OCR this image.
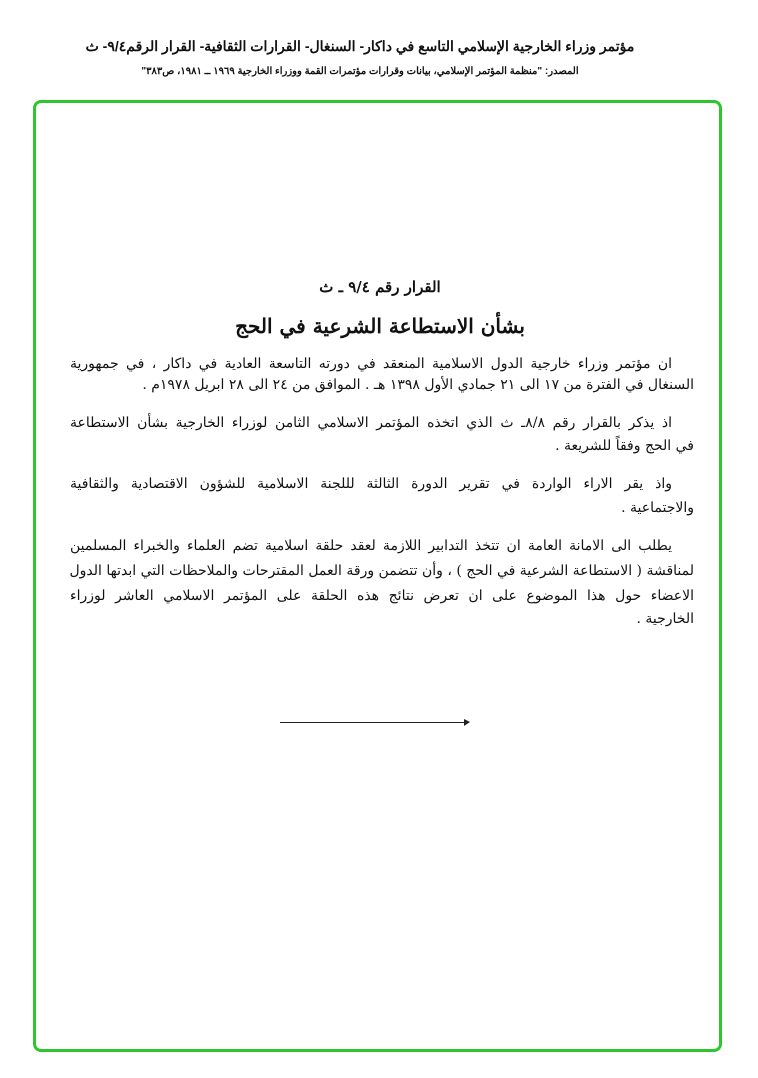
مؤتمر وزراء الخارجية الإسلامي التاسع في داكار- السنغال- القرارات الثقافية- القرار الرقم٩/٤- ث
المصدر: "منظمة المؤتمر الإسلامي، بيانات وقرارات مؤتمرات القمة ووزراء الخارجية ١٩٦٩ ــ ١٩٨١، ص٣٨٣"
القرار رقم ٩/٤ ـ ث
بشأن الاستطاعة الشرعية في الحج
ان مؤتمر وزراء خارجية الدول الاسلامية المنعقد في دورته التاسعة العادية في داكار ، في جمهورية
السنغال في الفترة من ١٧ الى ٢١ جمادي الأول ١٣٩٨ هـ . الموافق من ٢٤ الى ٢٨ ابريل ١٩٧٨م .
اذ يذكر بالقرار رقم ٨/٨ـ ث الذي اتخذه المؤتمر الاسلامي الثامن لوزراء الخارجية بشأن الاستطاعة
في الحج وفقاً للشريعة .
واذ يقر الاراء الواردة في تقرير الدورة الثالثة لللجنة الاسلامية للشؤون الاقتصادية والثقافية
والاجتماعية .
يطلب الى الامانة العامة ان تتخذ التدابير اللازمة لعقد حلقة اسلامية تضم العلماء والخبراء المسلمين
لمناقشة ( الاستطاعة الشرعية في الحج ) ، وأن تتضمن ورقة العمل المقترحات والملاحظات التي ابدتها الدول
الاعضاء حول هذا الموضوع على ان تعرض نتائج هذه الحلقة على المؤتمر الاسلامي العاشر لوزراء
الخارجية .
